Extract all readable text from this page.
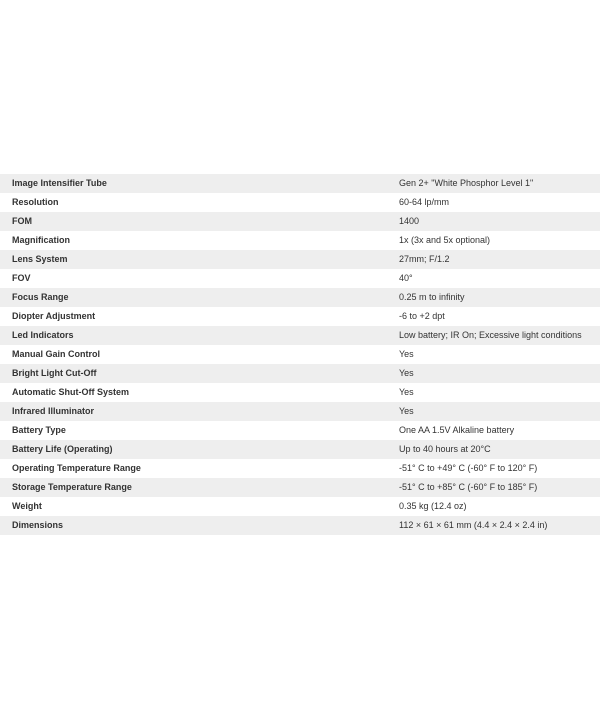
Image Intensifier Tube	Gen 2+ "White Phosphor Level 1"
Resolution	60-64 lp/mm
FOM	1400
Magnification	1x (3x and 5x optional)
Lens System	27mm; F/1.2
FOV	40°
Focus Range	0.25 m to infinity
Diopter Adjustment	-6 to +2 dpt
Led Indicators	Low battery; IR On; Excessive light conditions
Manual Gain Control	Yes
Bright Light Cut-Off	Yes
Automatic Shut-Off System	Yes
Infrared Illuminator	Yes
Battery Type	One AA 1.5V Alkaline battery
Battery Life (Operating)	Up to 40 hours at 20°C
Operating Temperature Range	-51° C to +49° C (-60° F to 120° F)
Storage Temperature Range	-51° C to +85° C (-60° F to 185° F)
Weight	0.35 kg (12.4 oz)
Dimensions	112 × 61 × 61 mm (4.4 × 2.4 × 2.4 in)
